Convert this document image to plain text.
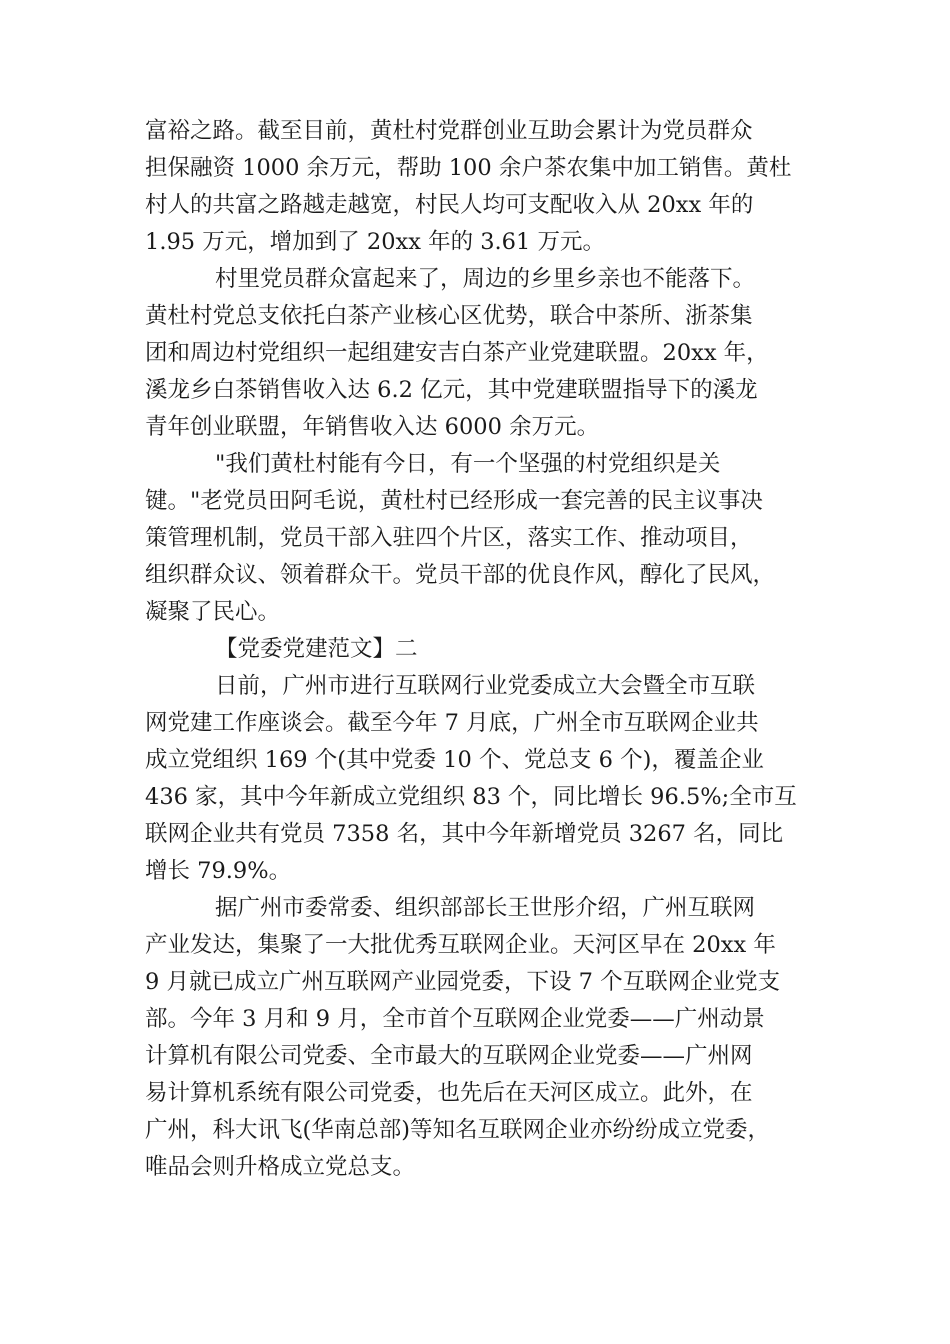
富裕之路。截至目前，黄杜村党群创业互助会累计为党员群众
担保融资 1000 余万元，帮助 100 余户茶农集中加工销售。黄杜
村人的共富之路越走越宽，村民人均可支配收入从 20xx 年的
1.95 万元，增加到了 20xx 年的 3.61 万元。
村里党员群众富起来了，周边的乡里乡亲也不能落下。
黄杜村党总支依托白茶产业核心区优势，联合中茶所、浙茶集
团和周边村党组织一起组建安吉白茶产业党建联盟。20xx 年，
溪龙乡白茶销售收入达 6.2 亿元，其中党建联盟指导下的溪龙
青年创业联盟，年销售收入达 6000 余万元。
"我们黄杜村能有今日，有一个坚强的村党组织是关
键。"老党员田阿毛说，黄杜村已经形成一套完善的民主议事决
策管理机制，党员干部入驻四个片区，落实工作、推动项目，
组织群众议、领着群众干。党员干部的优良作风，醇化了民风，
凝聚了民心。
【党委党建范文】二
日前，广州市进行互联网行业党委成立大会暨全市互联
网党建工作座谈会。截至今年 7 月底，广州全市互联网企业共
成立党组织 169 个(其中党委 10 个、党总支 6 个)，覆盖企业
436 家，其中今年新成立党组织 83 个，同比增长 96.5%;全市互
联网企业共有党员 7358 名，其中今年新增党员 3267 名，同比
增长 79.9%。
据广州市委常委、组织部部长王世彤介绍，广州互联网
产业发达，集聚了一大批优秀互联网企业。天河区早在 20xx 年
9 月就已成立广州互联网产业园党委，下设 7 个互联网企业党支
部。今年 3 月和 9 月，全市首个互联网企业党委——广州动景
计算机有限公司党委、全市最大的互联网企业党委——广州网
易计算机系统有限公司党委，也先后在天河区成立。此外，在
广州，科大讯飞(华南总部)等知名互联网企业亦纷纷成立党委，
唯品会则升格成立党总支。
